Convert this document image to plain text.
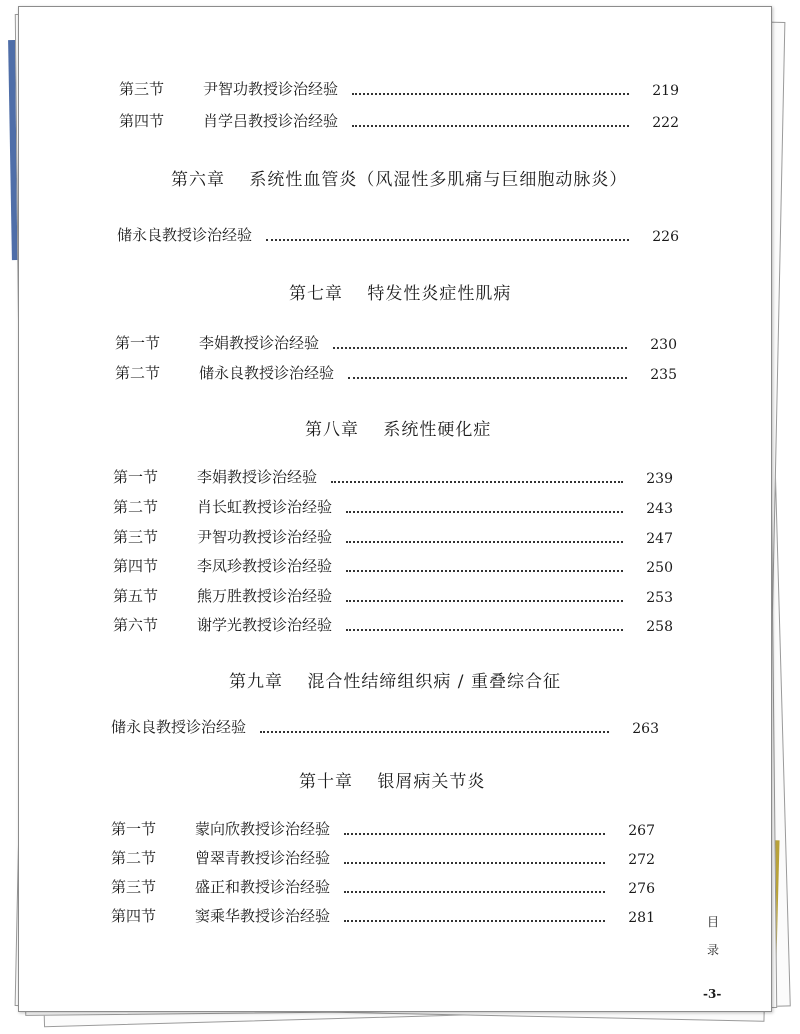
第三节	尹智功教授诊治经验	219
第四节	肖学吕教授诊治经验	222
第六章 系统性血管炎（风湿性多肌痛与巨细胞动脉炎）
储永良教授诊治经验	226
第七章 特发性炎症性肌病
第一节	李娟教授诊治经验	230
第二节	储永良教授诊治经验	235
第八章 系统性硬化症
第一节	李娟教授诊治经验	239
第二节	肖长虹教授诊治经验	243
第三节	尹智功教授诊治经验	247
第四节	李凤珍教授诊治经验	250
第五节	熊万胜教授诊治经验	253
第六节	谢学光教授诊治经验	258
第九章 混合性结缔组织病 / 重叠综合征
储永良教授诊治经验	263
第十章 银屑病关节炎
第一节	蒙向欣教授诊治经验	267
第二节	曾翠青教授诊治经验	272
第三节	盛正和教授诊治经验	276
第四节	窦乘华教授诊治经验	281	目
录
-3-
